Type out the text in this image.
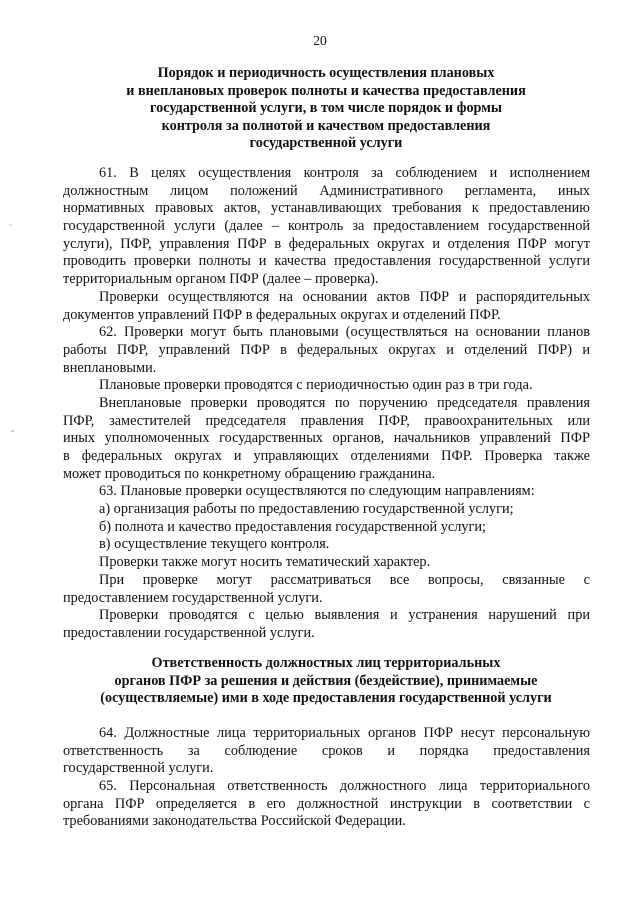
20
Порядок и периодичность осуществления плановых
и внеплановых проверок полноты и качества предоставления
государственной услуги, в том числе порядок и формы
контроля за полнотой и качеством предоставления
государственной услуги
61. В целях осуществления контроля за соблюдением и исполнением
должностным лицом положений Административного регламента, иных
нормативных правовых актов, устанавливающих требования к предоставлению
государственной услуги (далее – контроль за предоставлением государственной
услуги), ПФР, управления ПФР в федеральных округах и отделения ПФР могут
проводить проверки полноты и качества предоставления государственной услуги
территориальным органом ПФР (далее – проверка).
Проверки осуществляются на основании актов ПФР и распорядительных
документов управлений ПФР в федеральных округах и отделений ПФР.
62. Проверки могут быть плановыми (осуществляться на основании планов
работы ПФР, управлений ПФР в федеральных округах и отделений ПФР) и
внеплановыми.
Плановые проверки проводятся с периодичностью один раз в три года.
Внеплановые проверки проводятся по поручению председателя правления
ПФР, заместителей председателя правления ПФР, правоохранительных или
иных уполномоченных государственных органов, начальников управлений ПФР
в федеральных округах и управляющих отделениями ПФР. Проверка также
может проводиться по конкретному обращению гражданина.
63. Плановые проверки осуществляются по следующим направлениям:
а) организация работы по предоставлению государственной услуги;
б) полнота и качество предоставления государственной услуги;
в) осуществление текущего контроля.
Проверки также могут носить тематический характер.
При проверке могут рассматриваться все вопросы, связанные с
предоставлением государственной услуги.
Проверки проводятся с целью выявления и устранения нарушений при
предоставлении государственной услуги.
Ответственность должностных лиц территориальных
органов ПФР за решения и действия (бездействие), принимаемые
(осуществляемые) ими в ходе предоставления государственной услуги
64. Должностные лица территориальных органов ПФР несут персональную
ответственность за соблюдение сроков и порядка предоставления
государственной услуги.
65. Персональная ответственность должностного лица территориального
органа ПФР определяется в его должностной инструкции в соответствии с
требованиями законодательства Российской Федерации.
¨
ˆ
